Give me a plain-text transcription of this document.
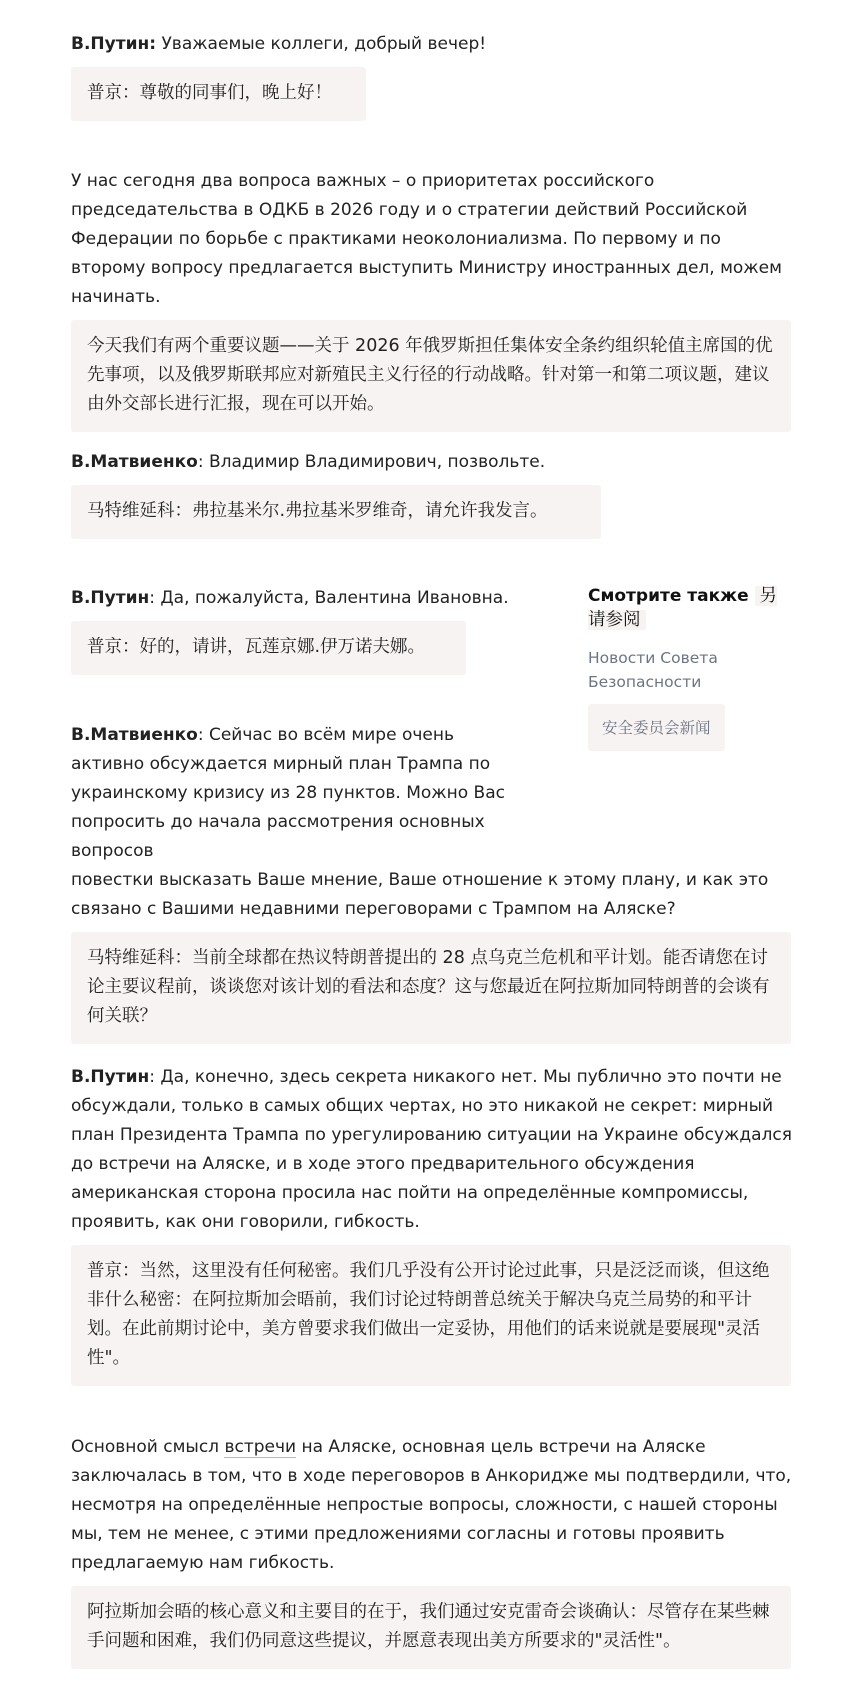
В.Путин: Уважаемые коллеги, добрый вечер!

普京：尊敬的同事们，晚上好！

У нас сегодня два вопроса важных – о приоритетах российского председательства в ОДКБ в 2026 году и о стратегии действий Российской Федерации по борьбе с практиками неоколониализма. По первому и по второму вопросу предлагается выступить Министру иностранных дел, можем начинать.

今天我们有两个重要议题——关于 2026 年俄罗斯担任集体安全条约组织轮值主席国的优先事项，以及俄罗斯联邦应对新殖民主义行径的行动战略。针对第一和第二项议题，建议由外交部长进行汇报，现在可以开始。

В.Матвиенко: Владимир Владимирович, позвольте.

马特维延科：弗拉基米尔.弗拉基米罗维奇，请允许我发言。

В.Путин: Да, пожалуйста, Валентина Ивановна.

普京：好的，请讲，瓦莲京娜.伊万诺夫娜。

В.Матвиенко: Сейчас во всём мире очень активно обсуждается мирный план Трампа по украинскому кризису из 28 пунктов. Можно Вас попросить до начала рассмотрения основных вопросов

повестки высказать Ваше мнение, Ваше отношение к этому плану, и как это связано с Вашими недавними переговорами с Трампом на Аляске?

马特维延科：当前全球都在热议特朗普提出的 28 点乌克兰危机和平计划。能否请您在讨论主要议程前，谈谈您对该计划的看法和态度？这与您最近在阿拉斯加同特朗普的会谈有何关联？

В.Путин: Да, конечно, здесь секрета никакого нет. Мы публично это почти не обсуждали, только в самых общих чертах, но это никакой не секрет: мирный план Президента Трампа по урегулированию ситуации на Украине обсуждался до встречи на Аляске, и в ходе этого предварительного обсуждения американская сторона просила нас пойти на определённые компромиссы, проявить, как они говорили, гибкость.

普京：当然，这里没有任何秘密。我们几乎没有公开讨论过此事，只是泛泛而谈，但这绝非什么秘密：在阿拉斯加会晤前，我们讨论过特朗普总统关于解决乌克兰局势的和平计划。在此前期讨论中，美方曾要求我们做出一定妥协，用他们的话来说就是要展现"灵活性"。

Основной смысл встречи на Аляске, основная цель встречи на Аляске заключалась в том, что в ходе переговоров в Анкоридже мы подтвердили, что, несмотря на определённые непростые вопросы, сложности, с нашей стороны мы, тем не менее, с этими предложениями согласны и готовы проявить предлагаемую нам гибкость.

阿拉斯加会晤的核心意义和主要目的在于，我们通过安克雷奇会谈确认：尽管存在某些棘手问题和困难，我们仍同意这些提议，并愿意表现出美方所要求的"灵活性"。
Смотрите также 另请参阅
Новости Совета Безопасности
安全委员会新闻
